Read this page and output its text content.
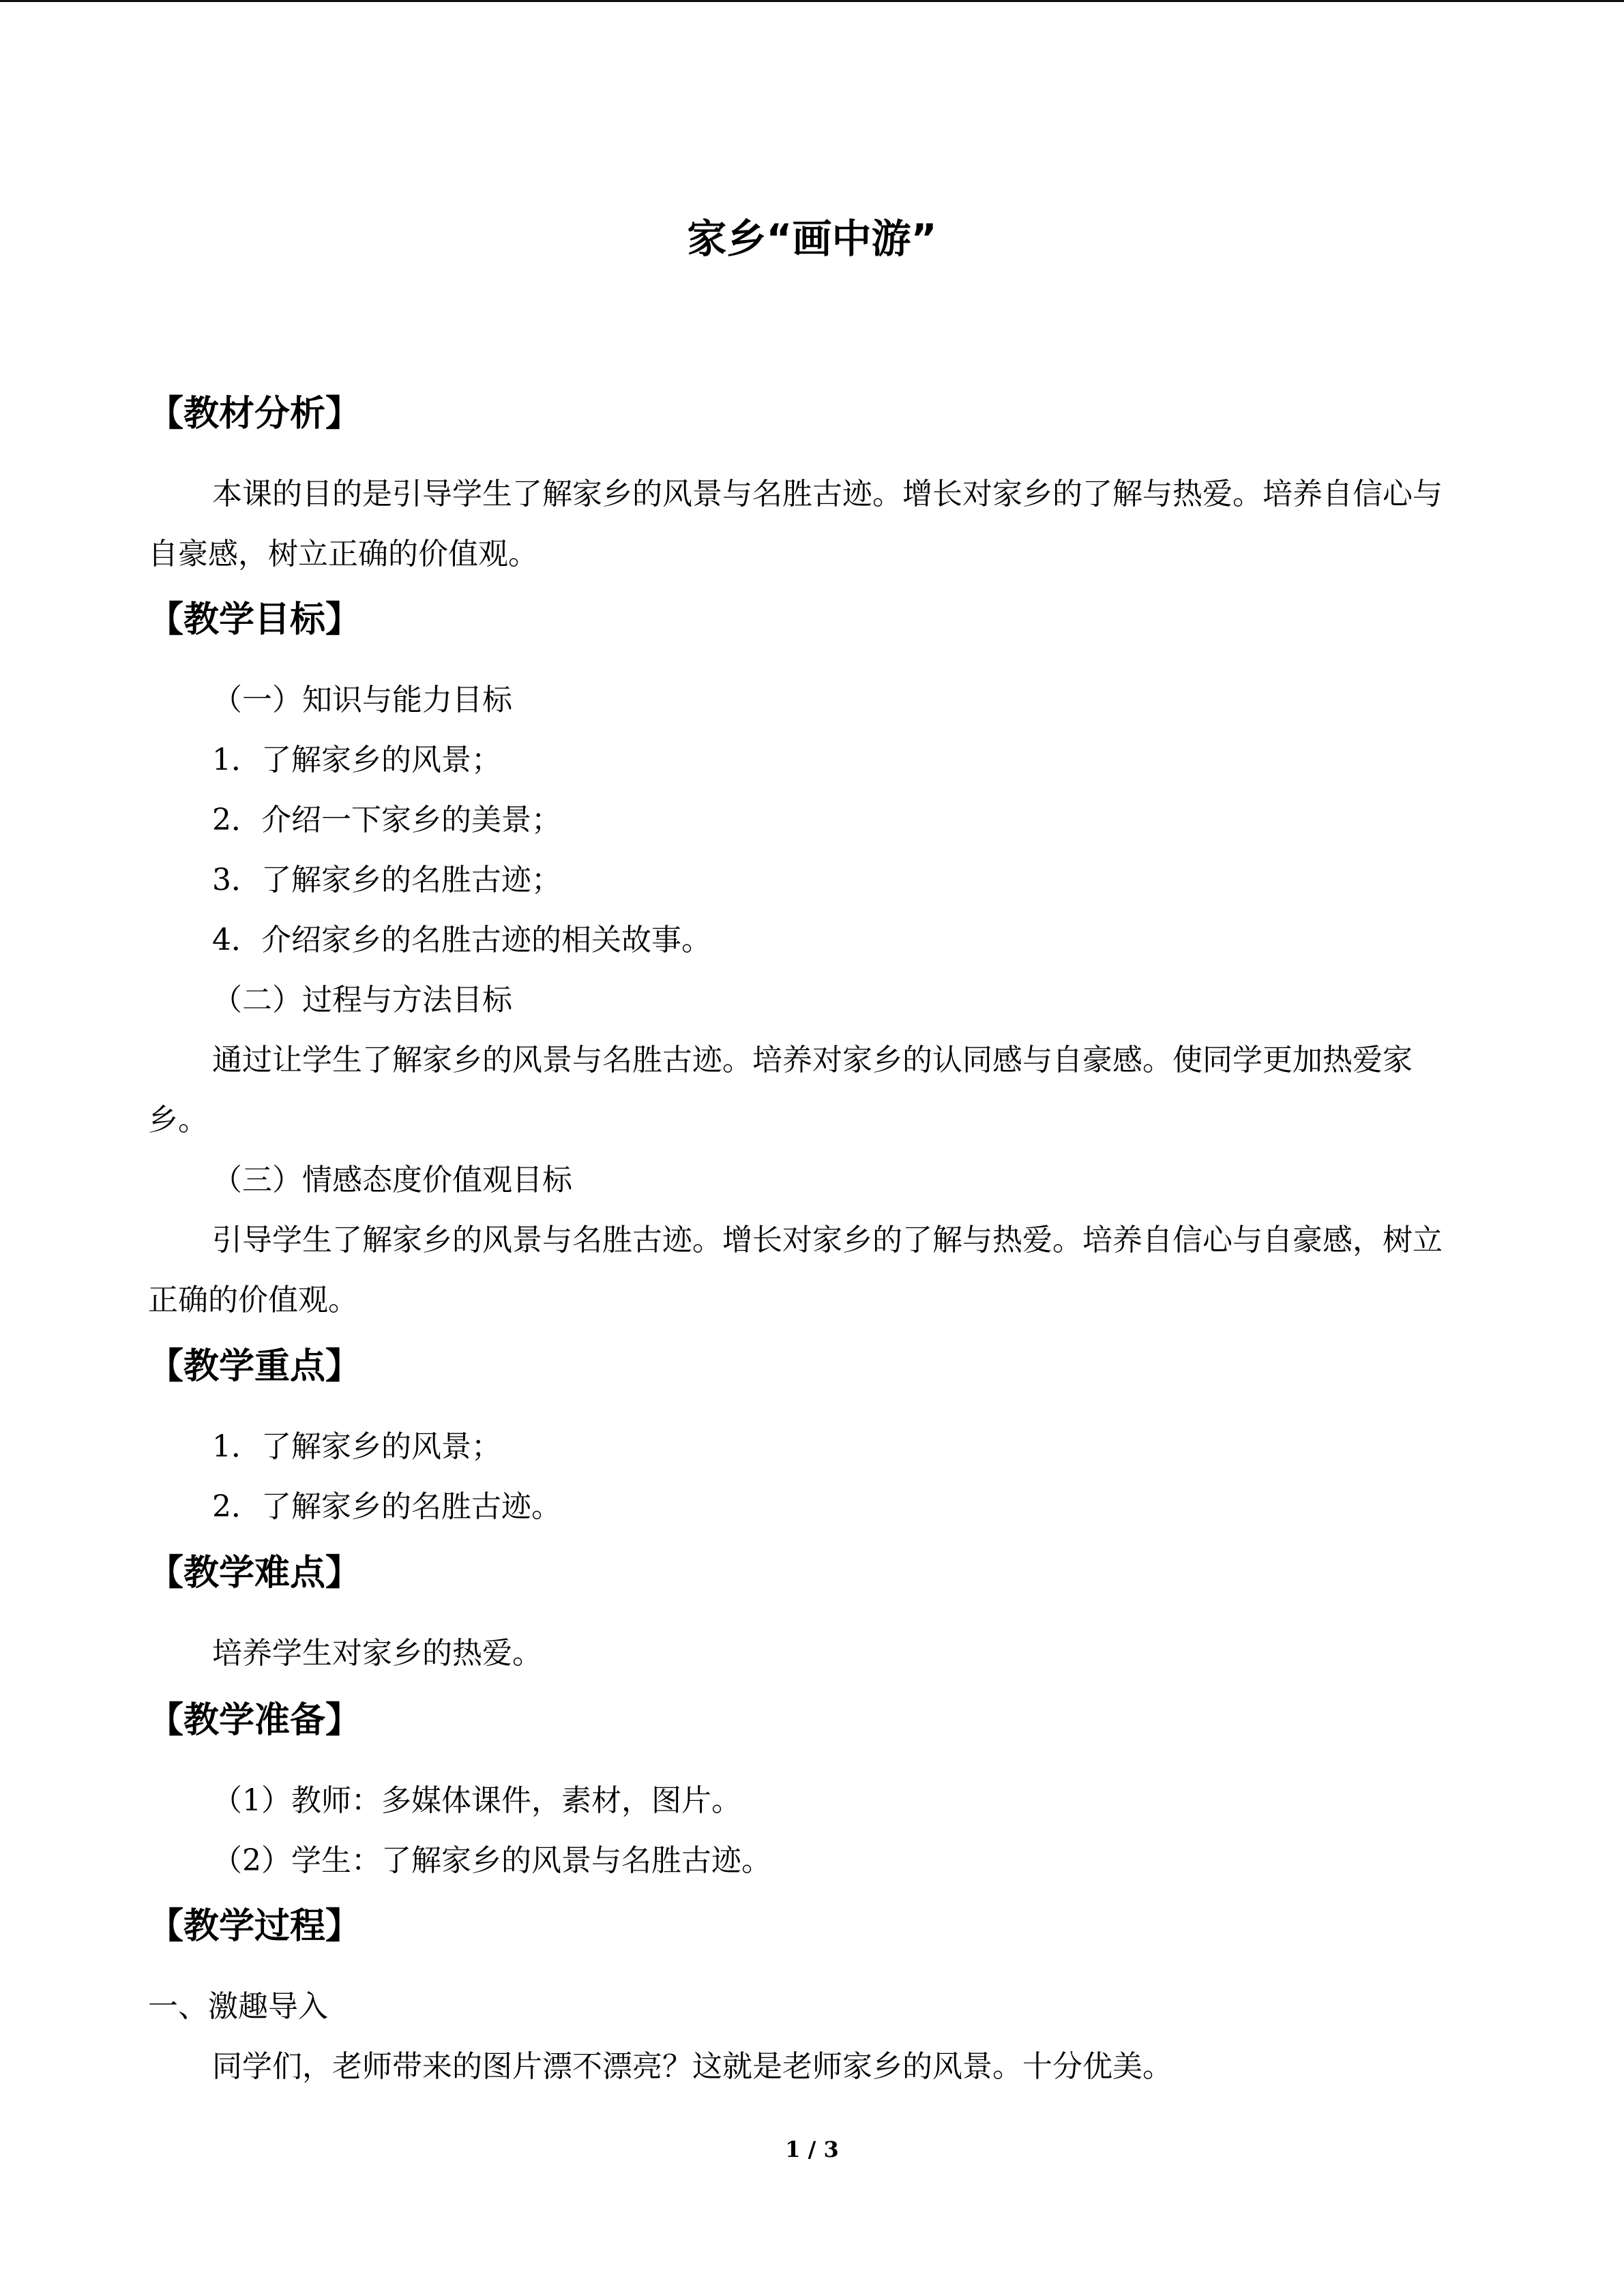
家乡“画中游”
【教材分析】
本课的目的是引导学生了解家乡的风景与名胜古迹。增长对家乡的了解与热爱。培养自信心与自豪感，树立正确的价值观。
【教学目标】
（一）知识与能力目标
1．了解家乡的风景；
2．介绍一下家乡的美景；
3．了解家乡的名胜古迹；
4．介绍家乡的名胜古迹的相关故事。
（二）过程与方法目标
通过让学生了解家乡的风景与名胜古迹。培养对家乡的认同感与自豪感。使同学更加热爱家乡。
（三）情感态度价值观目标
引导学生了解家乡的风景与名胜古迹。增长对家乡的了解与热爱。培养自信心与自豪感，树立正确的价值观。
【教学重点】
1．了解家乡的风景；
2．了解家乡的名胜古迹。
【教学难点】
培养学生对家乡的热爱。
【教学准备】
（1）教师：多媒体课件，素材，图片。
（2）学生：了解家乡的风景与名胜古迹。
【教学过程】
一、激趣导入
同学们，老师带来的图片漂不漂亮？这就是老师家乡的风景。十分优美。
1 / 3
